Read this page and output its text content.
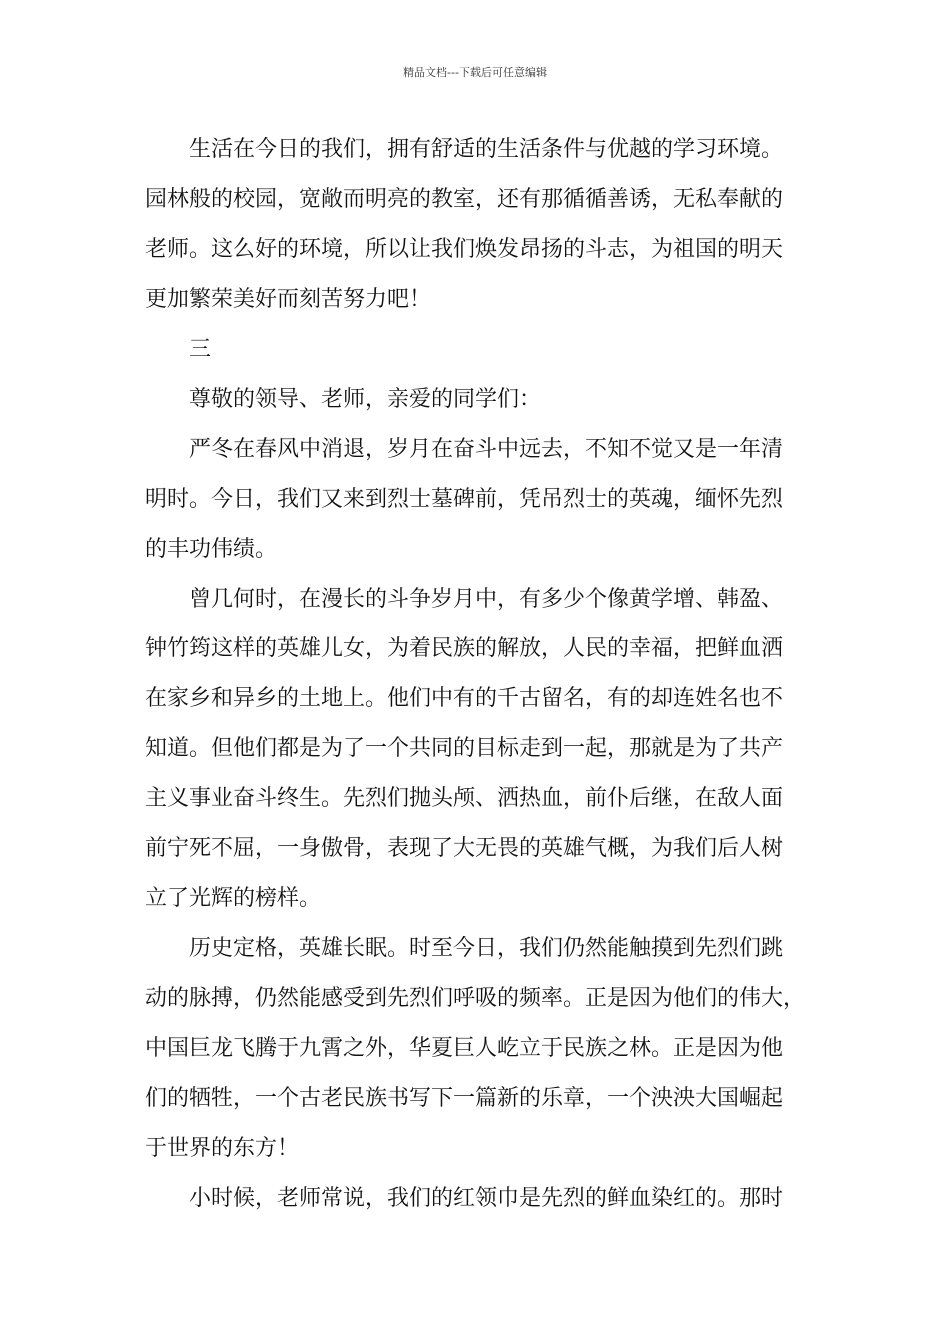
精品文档---下载后可任意编辑
生活在今日的我们，拥有舒适的生活条件与优越的学习环境。
园林般的校园，宽敞而明亮的教室，还有那循循善诱，无私奉献的
老师。这么好的环境，所以让我们焕发昂扬的斗志，为祖国的明天
更加繁荣美好而刻苦努力吧！
三
尊敬的领导、老师，亲爱的同学们：
严冬在春风中消退，岁月在奋斗中远去，不知不觉又是一年清
明时。今日，我们又来到烈士墓碑前，凭吊烈士的英魂，缅怀先烈
的丰功伟绩。
曾几何时，在漫长的斗争岁月中，有多少个像黄学增、韩盈、
钟竹筠这样的英雄儿女，为着民族的解放，人民的幸福，把鲜血洒
在家乡和异乡的土地上。他们中有的千古留名，有的却连姓名也不
知道。但他们都是为了一个共同的目标走到一起，那就是为了共产
主义事业奋斗终生。先烈们抛头颅、洒热血，前仆后继，在敌人面
前宁死不屈，一身傲骨，表现了大无畏的英雄气概，为我们后人树
立了光辉的榜样。
历史定格，英雄长眠。时至今日，我们仍然能触摸到先烈们跳
动的脉搏，仍然能感受到先烈们呼吸的频率。正是因为他们的伟大，
中国巨龙飞腾于九霄之外，华夏巨人屹立于民族之林。正是因为他
们的牺牲，一个古老民族书写下一篇新的乐章，一个泱泱大国崛起
于世界的东方！
小时候，老师常说，我们的红领巾是先烈的鲜血染红的。那时
